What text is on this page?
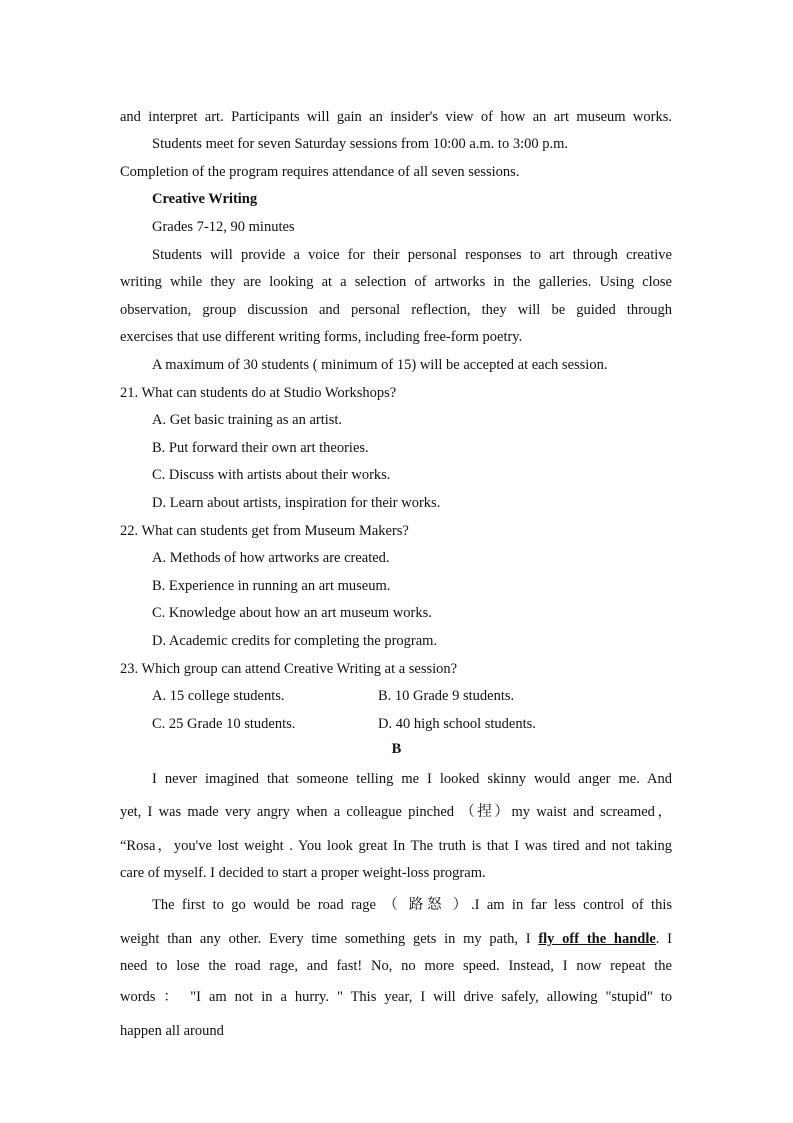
and interpret art. Participants will gain an insider's view of how an art museum works.
Students meet for seven Saturday sessions from 10:00 a.m. to 3:00 p.m.
Completion of the program requires attendance of all seven sessions.
Creative Writing
Grades 7-12, 90 minutes
Students will provide a voice for their personal responses to art through creative
writing while they are looking at a selection of artworks in the galleries. Using close
observation, group discussion and personal reflection, they will be guided through
exercises that use different writing forms, including free-form poetry.
A maximum of 30 students ( minimum of 15) will be accepted at each session.
21. What can students do at Studio Workshops?
A. Get basic training as an artist.
B. Put forward their own art theories.
C. Discuss with artists about their works.
D. Learn about artists, inspiration for their works.
22. What can students get from Museum Makers?
A. Methods of how artworks are created.
B. Experience in running an art museum.
C. Knowledge about how an art museum works.
D. Academic credits for completing the program.
23. Which group can attend Creative Writing at a session?
A. 15 college students.	B. 10 Grade 9 students.
C. 25 Grade 10 students.	D. 40 high school students.
B
I never imagined that someone telling me I looked skinny would anger me. And
yet, I was made very angry when a colleague pinched （捏）my waist and screamed，
“Rosa，you've lost weight . You look great In The truth is that I was tired and not taking
care of myself. I decided to start a proper weight-loss program.
The first to go would be road rage （ 路怒 ）.I am in far less control of this
weight than any other. Every time something gets in my path, I fly off the handle. I
need to lose the road rage, and fast! No, no more speed. Instead, I now repeat the
words ： "I am not in a hurry. " This year, I will drive safely, allowing "stupid" to
happen all around
